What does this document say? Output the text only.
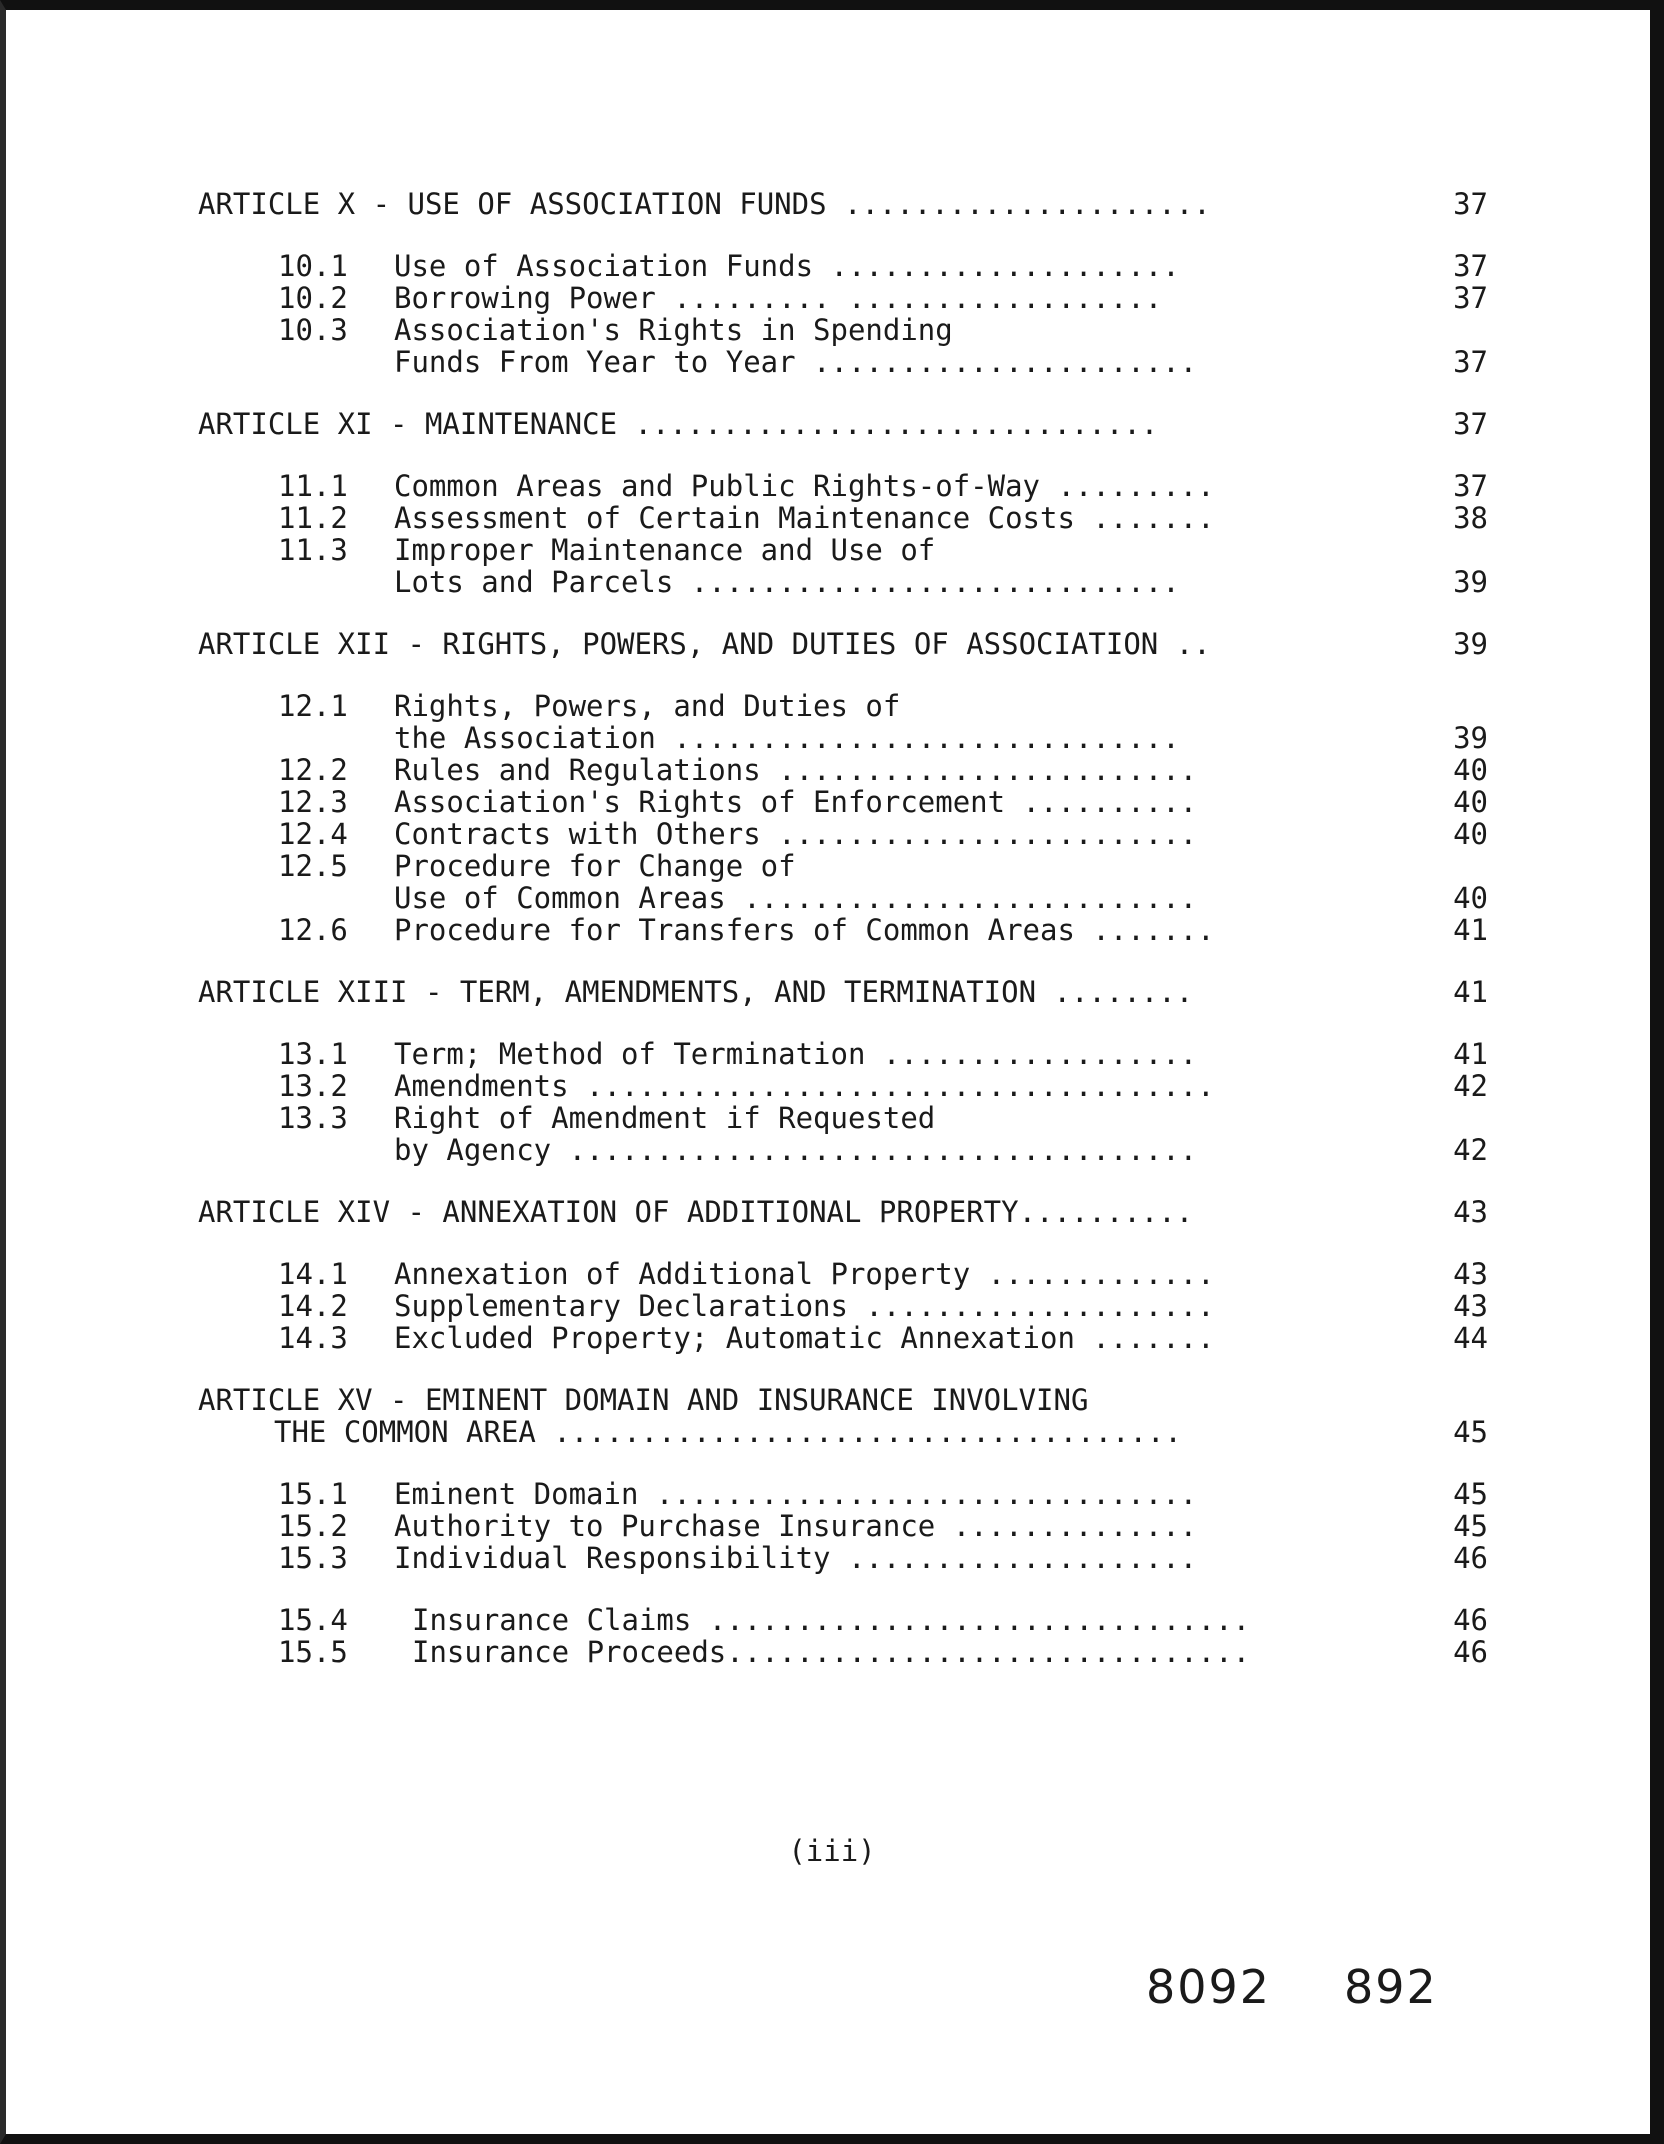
ARTICLE X - USE OF ASSOCIATION FUNDS .....................	37
10.1 Use of Association Funds ....................	37
10.2 Borrowing Power ......... ..................	37
10.3 Association's Rights in Spending
Funds From Year to Year ......................	37
ARTICLE XI - MAINTENANCE ..............................	37
11.1 Common Areas and Public Rights-of-Way .........	37
11.2 Assessment of Certain Maintenance Costs .......	38
11.3 Improper Maintenance and Use of
Lots and Parcels ............................	39
ARTICLE XII - RIGHTS, POWERS, AND DUTIES OF ASSOCIATION ..	39
12.1 Rights, Powers, and Duties of
the Association .............................	39
12.2 Rules and Regulations ........................	40
12.3 Association's Rights of Enforcement ..........	40
12.4 Contracts with Others ........................	40
12.5 Procedure for Change of
Use of Common Areas ..........................	40
12.6 Procedure for Transfers of Common Areas .......	41
ARTICLE XIII - TERM, AMENDMENTS, AND TERMINATION ........	41
13.1 Term; Method of Termination ..................	41
13.2 Amendments ....................................	42
13.3 Right of Amendment if Requested
by Agency ....................................	42
ARTICLE XIV - ANNEXATION OF ADDITIONAL PROPERTY..........	43
14.1 Annexation of Additional Property .............	43
14.2 Supplementary Declarations ....................	43
14.3 Excluded Property; Automatic Annexation .......	44
ARTICLE XV - EMINENT DOMAIN AND INSURANCE INVOLVING
THE COMMON AREA ....................................	45
15.1 Eminent Domain ...............................	45
15.2 Authority to Purchase Insurance ..............	45
15.3 Individual Responsibility ....................	46
15.4 Insurance Claims ...............................	46
15.5 Insurance Proceeds..............................	46
(iii)
8092 892
